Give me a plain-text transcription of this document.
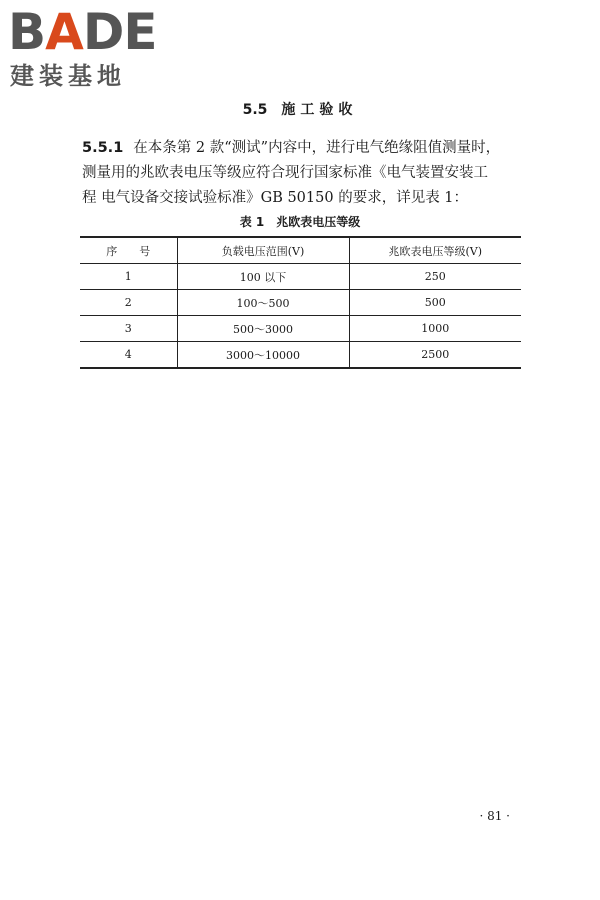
BADE
建装基地
5.5 施工验收
5.5.1 在本条第 2 款“测试”内容中，进行电气绝缘阻值测量时，
测量用的兆欧表电压等级应符合现行国家标准《电气装置安装工
程 电气设备交接试验标准》GB 50150 的要求，详见表 1：
表 1 兆欧表电压等级
序　　号	负载电压范围(V)	兆欧表电压等级(V)
1	100 以下	250
2	100～500	500
3	500～3000	1000
4	3000～10000	2500
· 81 ·
